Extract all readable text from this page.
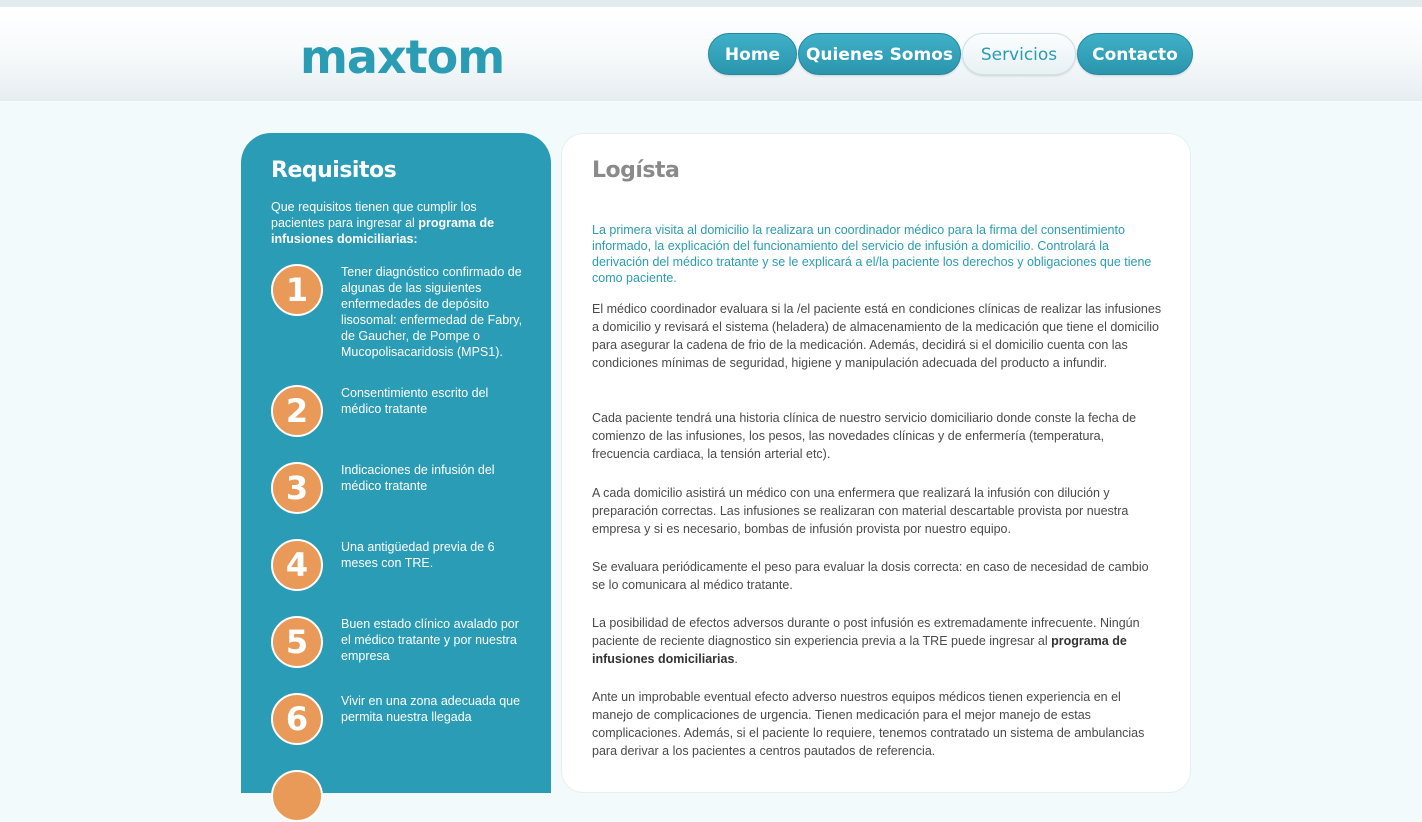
maxtom	Home	Quienes Somos	Servicios	Contacto
Requisitos
Que requisitos tienen que cumplir los pacientes para ingresar al programa de infusiones domiciliarias:
1	Tener diagnóstico confirmado de algunas de las siguientes enfermedades de depósito lisosomal: enfermedad de Fabry, de Gaucher, de Pompe o Mucopolisacaridosis (MPS1).
2	Consentimiento escrito del médico tratante
3	Indicaciones de infusión del médico tratante
4	Una antigüedad previa de 6 meses con TRE.
5	Buen estado clínico avalado por el médico tratante y por nuestra empresa
6	Vivir en una zona adecuada que permita nuestra llegada
Logísta
La primera visita al domicilio la realizara un coordinador médico para la firma del consentimiento informado, la explicación del funcionamiento del servicio de infusión a domicilio. Controlará la derivación del médico tratante y se le explicará a el/la paciente los derechos y obligaciones que tiene como paciente.
El médico coordinador evaluara si la /el paciente está en condiciones clínicas de realizar las infusiones a domicilio y revisará el sistema (heladera) de almacenamiento de la medicación que tiene el domicilio para asegurar la cadena de frio de la medicación. Además, decidirá si el domicilio cuenta con las condiciones mínimas de seguridad, higiene y manipulación adecuada del producto a infundir.
Cada paciente tendrá una historia clínica de nuestro servicio domiciliario donde conste la fecha de comienzo de las infusiones, los pesos, las novedades clínicas y de enfermería (temperatura, frecuencia cardiaca, la tensión arterial etc).
A cada domicilio asistirá un médico con una enfermera que realizará la infusión con dilución y preparación correctas. Las infusiones se realizaran con material descartable provista por nuestra empresa y si es necesario, bombas de infusión provista por nuestro equipo.
Se evaluara periódicamente el peso para evaluar la dosis correcta: en caso de necesidad de cambio se lo comunicara al médico tratante.
La posibilidad de efectos adversos durante o post infusión es extremadamente infrecuente. Ningún paciente de reciente diagnostico sin experiencia previa a la TRE puede ingresar al programa de infusiones domiciliarias.
Ante un improbable eventual efecto adverso nuestros equipos médicos tienen experiencia en el manejo de complicaciones de urgencia. Tienen medicación para el mejor manejo de estas complicaciones. Además, si el paciente lo requiere, tenemos contratado un sistema de ambulancias para derivar a los pacientes a centros pautados de referencia.
